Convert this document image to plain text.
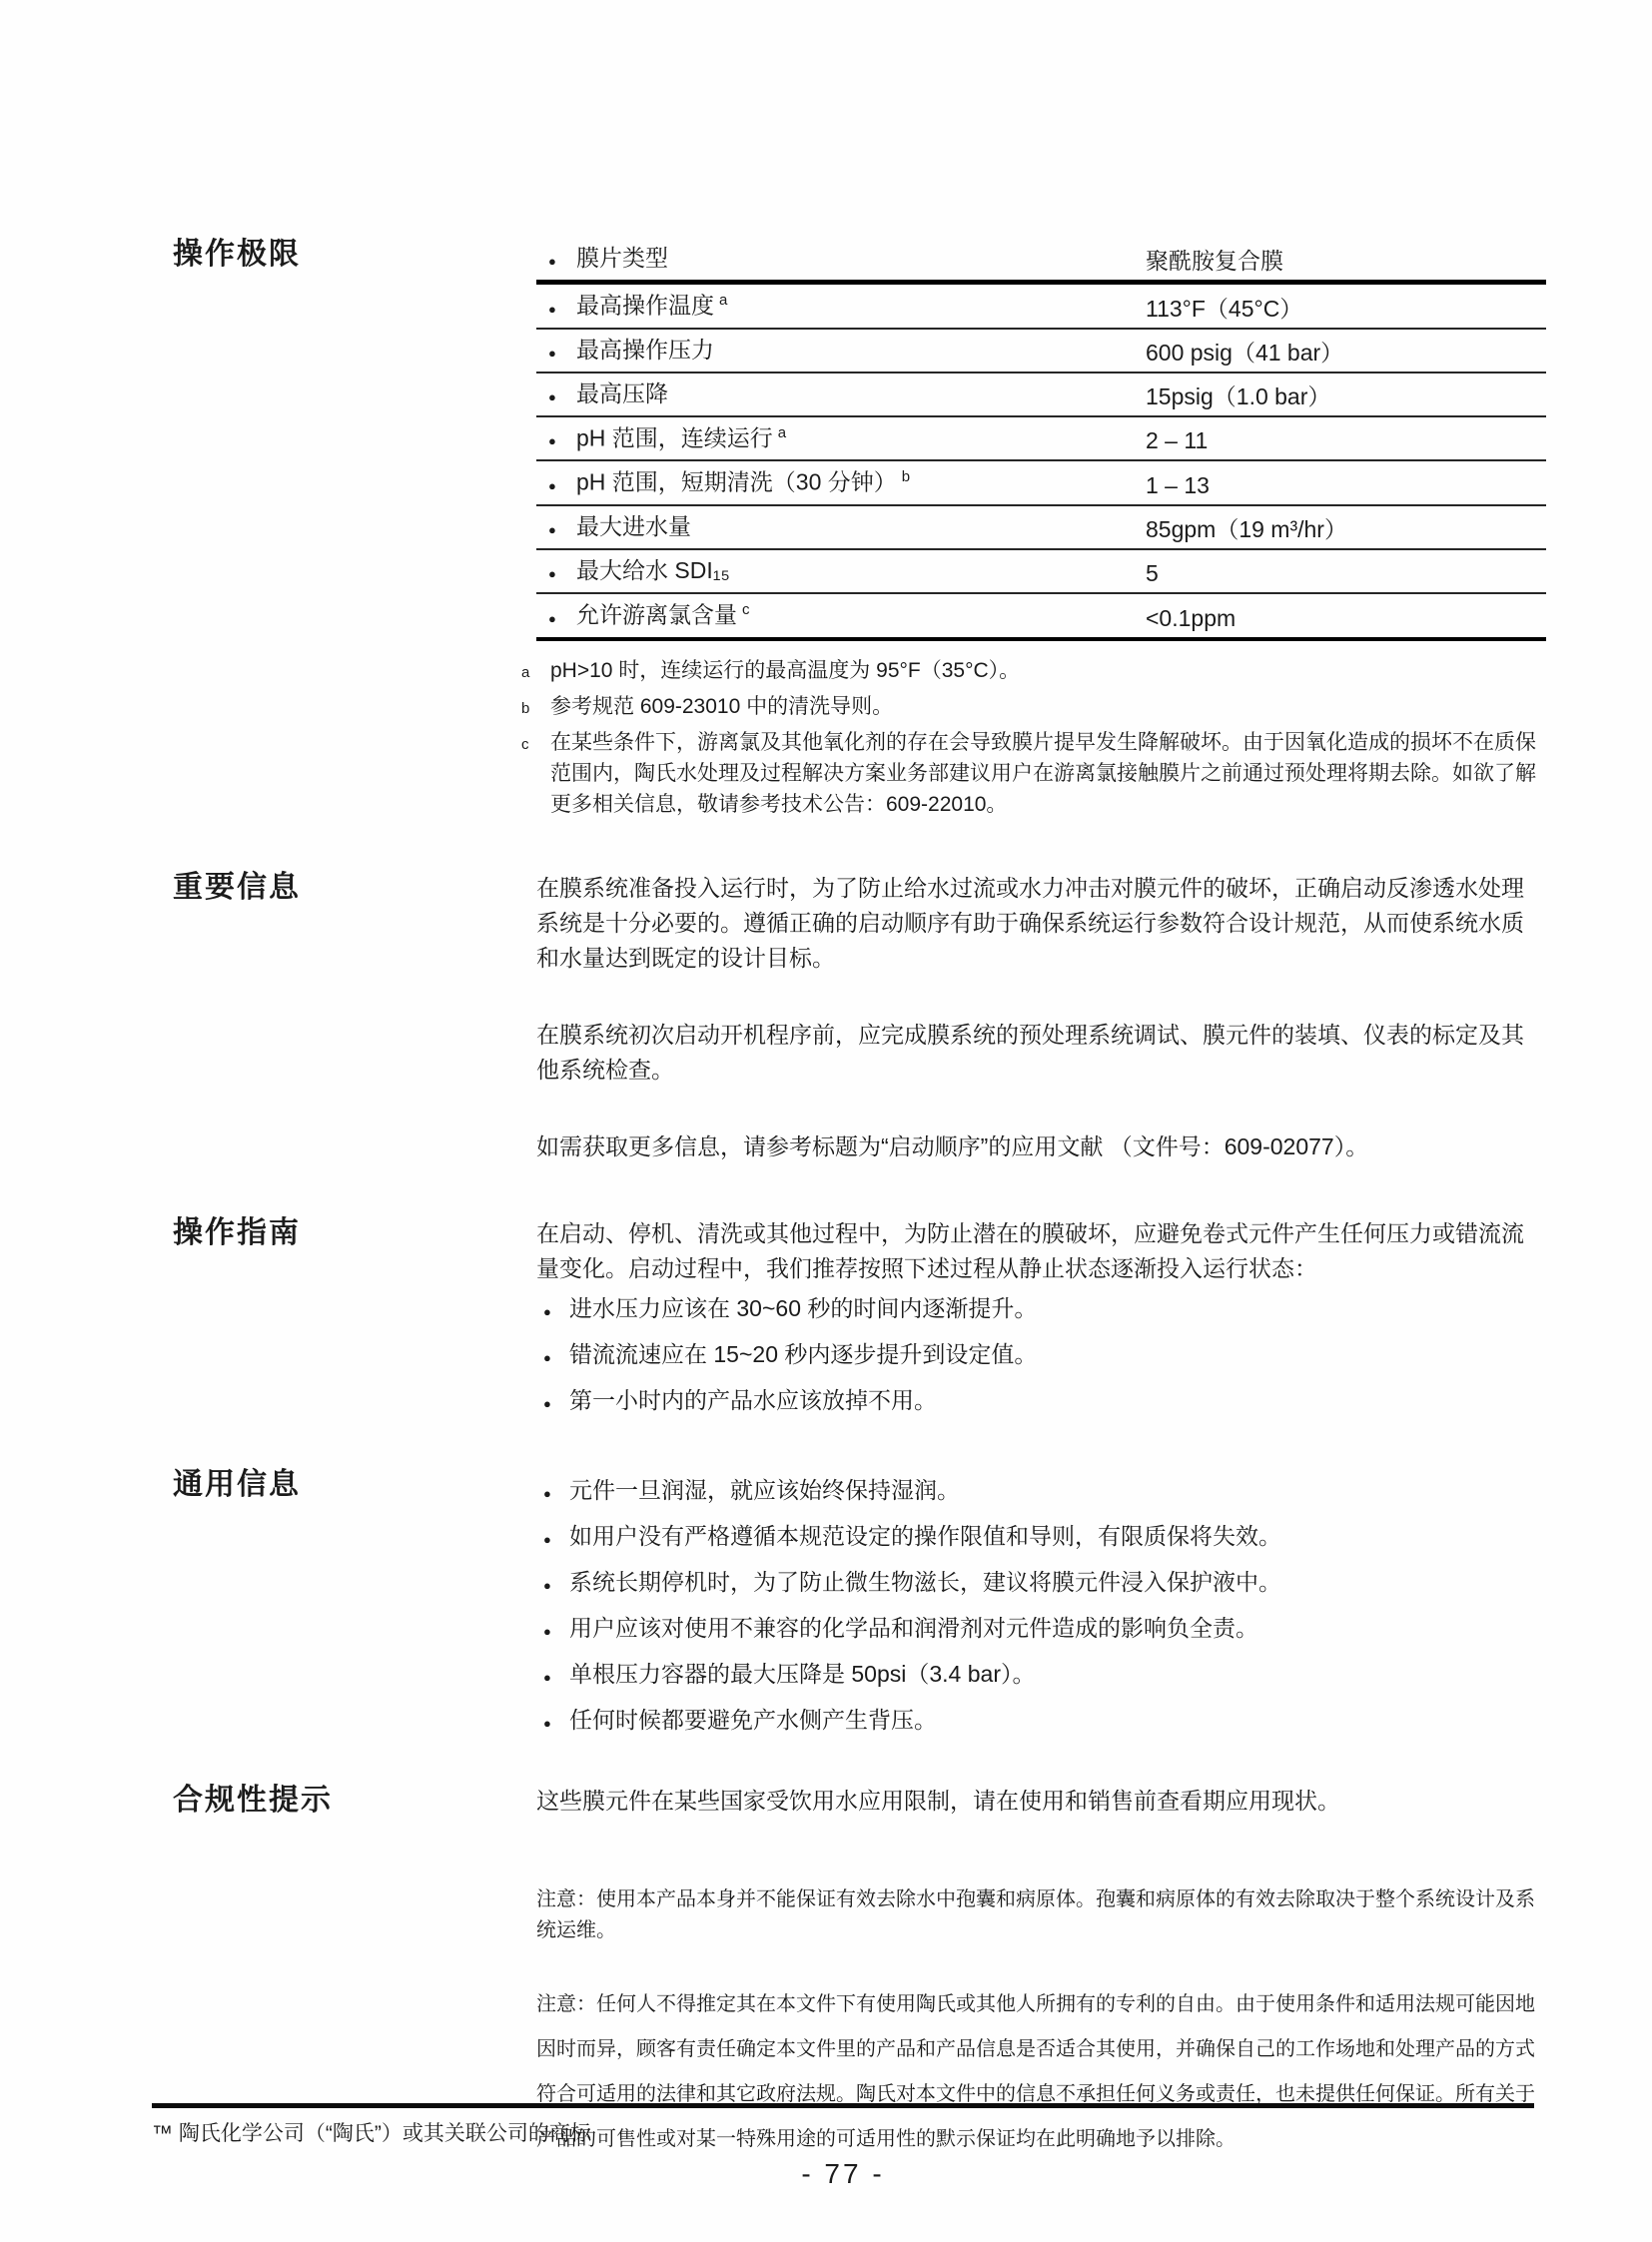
操作极限	● 膜片类型	聚酰胺复合膜
● 最高操作温度 $^a$	113°F（45°C）
● 最高操作压力	600 psig（41 bar）
● 最高压降	15psig（1.0 bar）
● pH 范围，连续运行 $^a$	2 – 11
● pH 范围，短期清洗（30 分钟） $^b$	1 – 13
● 最大进水量	85gpm（19 m³/hr）
● 最大给水 SDI₁₅	5
● 允许游离氯含量 $^c$	<0.1ppm
a pH>10 时，连续运行的最高温度为 95°F（35°C）。
b 参考规范 609-23010 中的清洗导则。
c	在某些条件下，游离氯及其他氧化剂的存在会导致膜片提早发生降解破坏。由于因氧化造成的损坏不在质保范围内，陶氏水处理及过程解决方案业务部建议用户在游离氯接触膜片之前通过预处理将期去除。如欲了解更多相关信息，敬请参考技术公告：609-22010。
重要信息	在膜系统准备投入运行时，为了防止给水过流或水力冲击对膜元件的破坏，正确启动反渗透水处理系统是十分必要的。遵循正确的启动顺序有助于确保系统运行参数符合设计规范，从而使系统水质和水量达到既定的设计目标。

在膜系统初次启动开机程序前，应完成膜系统的预处理系统调试、膜元件的装填、仪表的标定及其他系统检查。

如需获取更多信息，请参考标题为“启动顺序”的应用文献 （文件号：609-02077）。

操作指南	在启动、停机、清洗或其他过程中，为防止潜在的膜破坏，应避免卷式元件产生任何压力或错流流量变化。启动过程中，我们推荐按照下述过程从静止状态逐渐投入运行状态：

● 进水压力应该在 30~60 秒的时间内逐渐提升。
● 错流流速应在 15~20 秒内逐步提升到设定值。
● 第一小时内的产品水应该放掉不用。
通用信息	● 元件一旦润湿，就应该始终保持湿润。
● 如用户没有严格遵循本规范设定的操作限值和导则，有限质保将失效。
● 系统长期停机时，为了防止微生物滋长，建议将膜元件浸入保护液中。
● 用户应该对使用不兼容的化学品和润滑剂对元件造成的影响负全责。
● 单根压力容器的最大压降是 50psi（3.4 bar）。
● 任何时候都要避免产水侧产生背压。
合规性提示	这些膜元件在某些国家受饮用水应用限制，请在使用和销售前查看期应用现状。

注意：使用本产品本身并不能保证有效去除水中孢囊和病原体。孢囊和病原体的有效去除取决于整个系统设计及系统运维。

注意：任何人不得推定其在本文件下有使用陶氏或其他人所拥有的专利的自由。由于使用条件和适用法规可能因地因时而异，顾客有责任确定本文件里的产品和产品信息是否适合其使用，并确保自己的工作场地和处理产品的方式符合可适用的法律和其它政府法规。陶氏对本文件中的信息不承担任何义务或责任，也未提供任何保证。所有关于产品的可售性或对某一特殊用途的可适用性的默示保证均在此明确地予以排除。

™ 陶氏化学公司（“陶氏”）或其关联公司的商标
- 77 -
